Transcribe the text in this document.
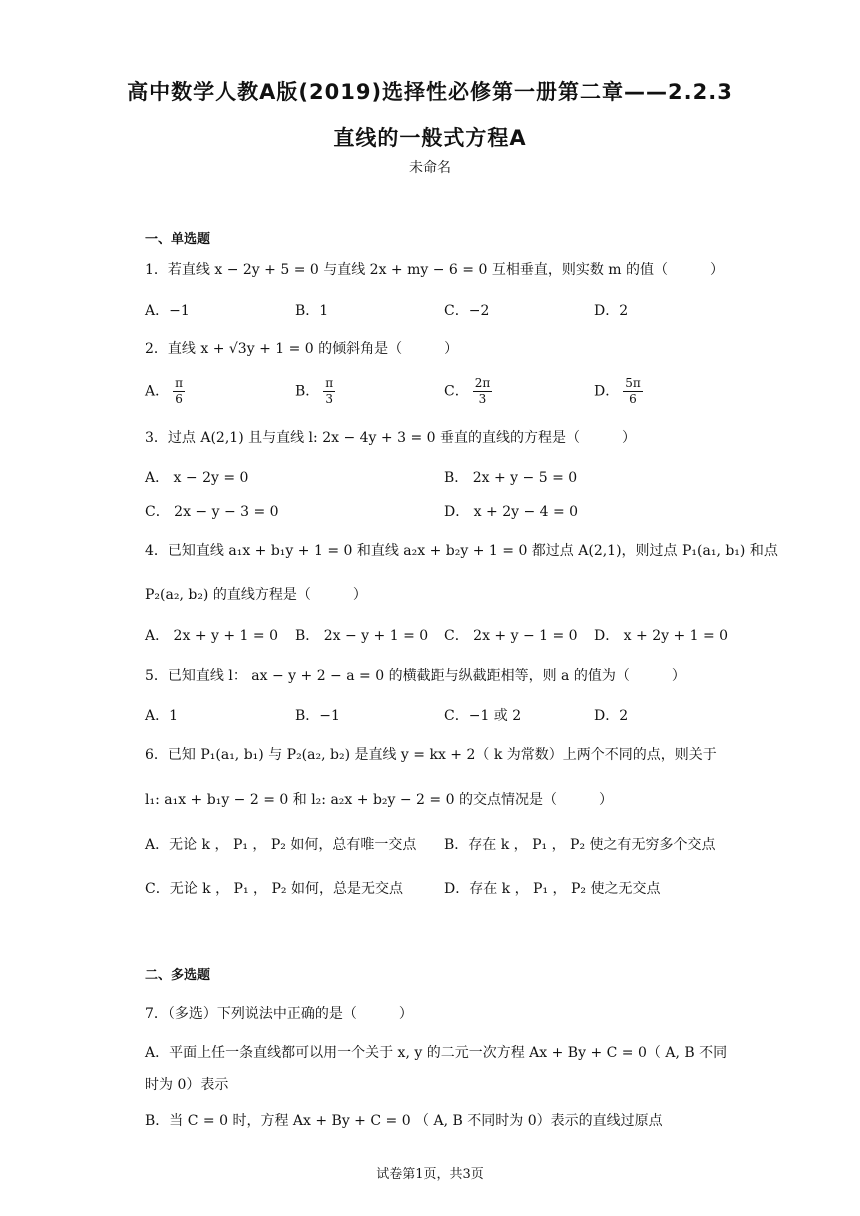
高中数学人教A版(2019)选择性必修第一册第二章——2.2.3
直线的一般式方程A
未命名
一、单选题
1．若直线 x − 2y + 5 = 0 与直线 2x + my − 6 = 0 互相垂直，则实数 m 的值（　　　）
A．−1	B．1	C．−2	D．2
2．直线 x + √3y + 1 = 0 的倾斜角是（　　　）
A． $\frac{\pi}{6}$	B． $\frac{\pi}{3}$	C． $\frac{2\pi}{3}$	D． $\frac{5\pi}{6}$
3．过点 A(2,1) 且与直线 l: 2x − 4y + 3 = 0 垂直的直线的方程是（　　　）
A． x − 2y = 0	B． 2x + y − 5 = 0
C． 2x − y − 3 = 0	D． x + 2y − 4 = 0
4．已知直线 a₁x + b₁y + 1 = 0 和直线 a₂x + b₂y + 1 = 0 都过点 A(2,1)，则过点 P₁(a₁, b₁) 和点
P₂(a₂, b₂) 的直线方程是（　　　）
A． 2x + y + 1 = 0 B． 2x − y + 1 = 0 C． 2x + y − 1 = 0 D． x + 2y + 1 = 0
5．已知直线 l： ax − y + 2 − a = 0 的横截距与纵截距相等，则 a 的值为（　　　）
A．1	B．−1	C．−1 或 2	D．2
6．已知 P₁(a₁, b₁) 与 P₂(a₂, b₂) 是直线 y = kx + 2（ k 为常数）上两个不同的点，则关于
l₁: a₁x + b₁y − 2 = 0 和 l₂: a₂x + b₂y − 2 = 0 的交点情况是（　　　）
A．无论 k ， P₁ ， P₂ 如何，总有唯一交点 B．存在 k ， P₁ ， P₂ 使之有无穷多个交点
C．无论 k ， P₁ ， P₂ 如何，总是无交点	D．存在 k ， P₁ ， P₂ 使之无交点
二、多选题
7．（多选）下列说法中正确的是（　　　）
A．平面上任一条直线都可以用一个关于 x, y 的二元一次方程 Ax + By + C = 0（ A, B 不同
时为 0）表示
B．当 C = 0 时，方程 Ax + By + C = 0 （ A, B 不同时为 0）表示的直线过原点
试卷第1页，共3页
